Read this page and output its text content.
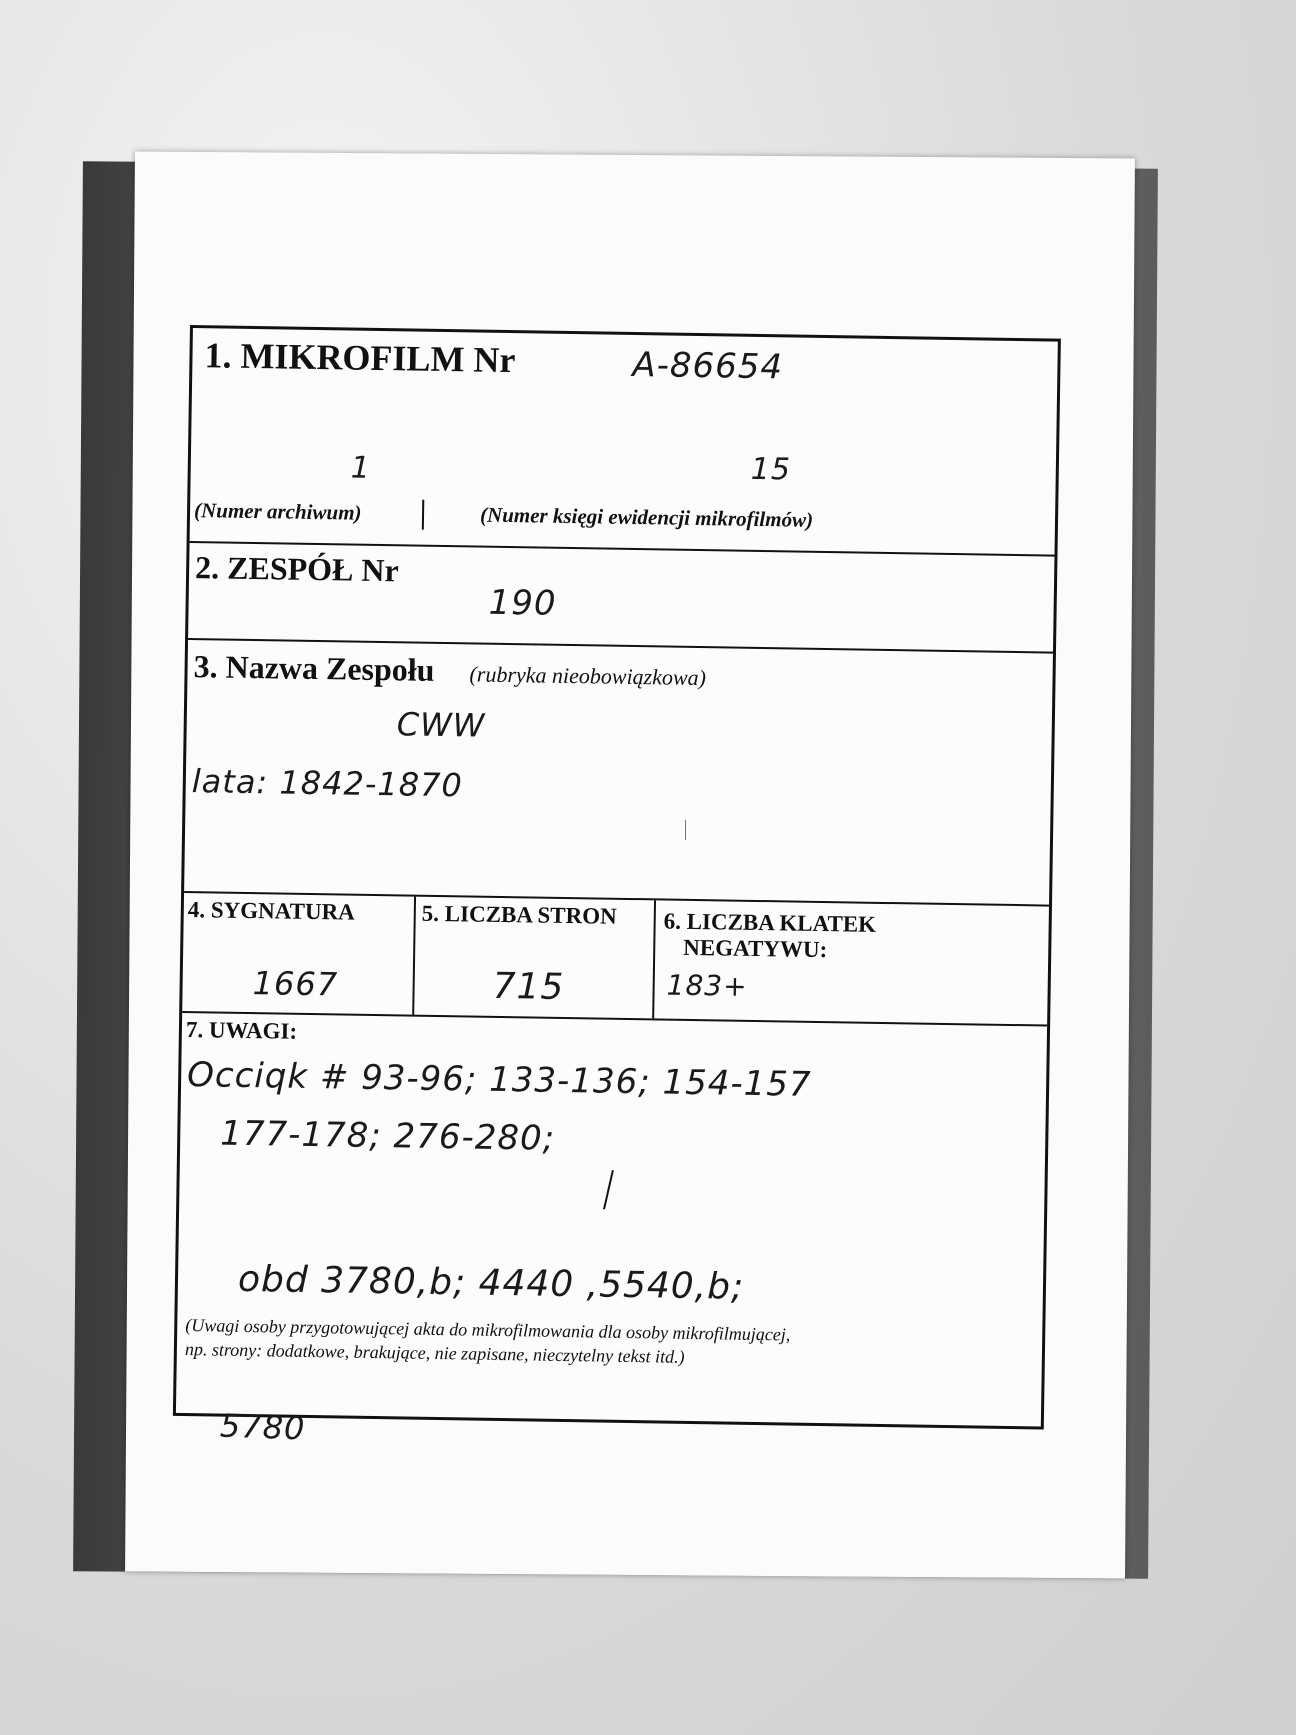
1. MIKROFILM Nr	A-86654
1	15
(Numer archiwum)	(Numer księgi ewidencji mikrofilmów)
2. ZESPÓŁ Nr
190
3. Nazwa Zespołu (rubryka nieobowiązkowa)
CWW
lata: 1842-1870
4. SYGNATURA
1667
5. LICZBA STRON
715
6. LICZBA KLATEK
NEGATYWU:
183+
7. UWAGI:
Occiqk # 93-96; 133-136; 154-157
177-178; 276-280;
obd 3780,b; 4440 ,5540,b;
(Uwagi osoby przygotowującej akta do mikrofilmowania dla osoby mikrofilmującej,
np. strony: dodatkowe, brakujące, nie zapisane, nieczytelny tekst itd.)
5780
